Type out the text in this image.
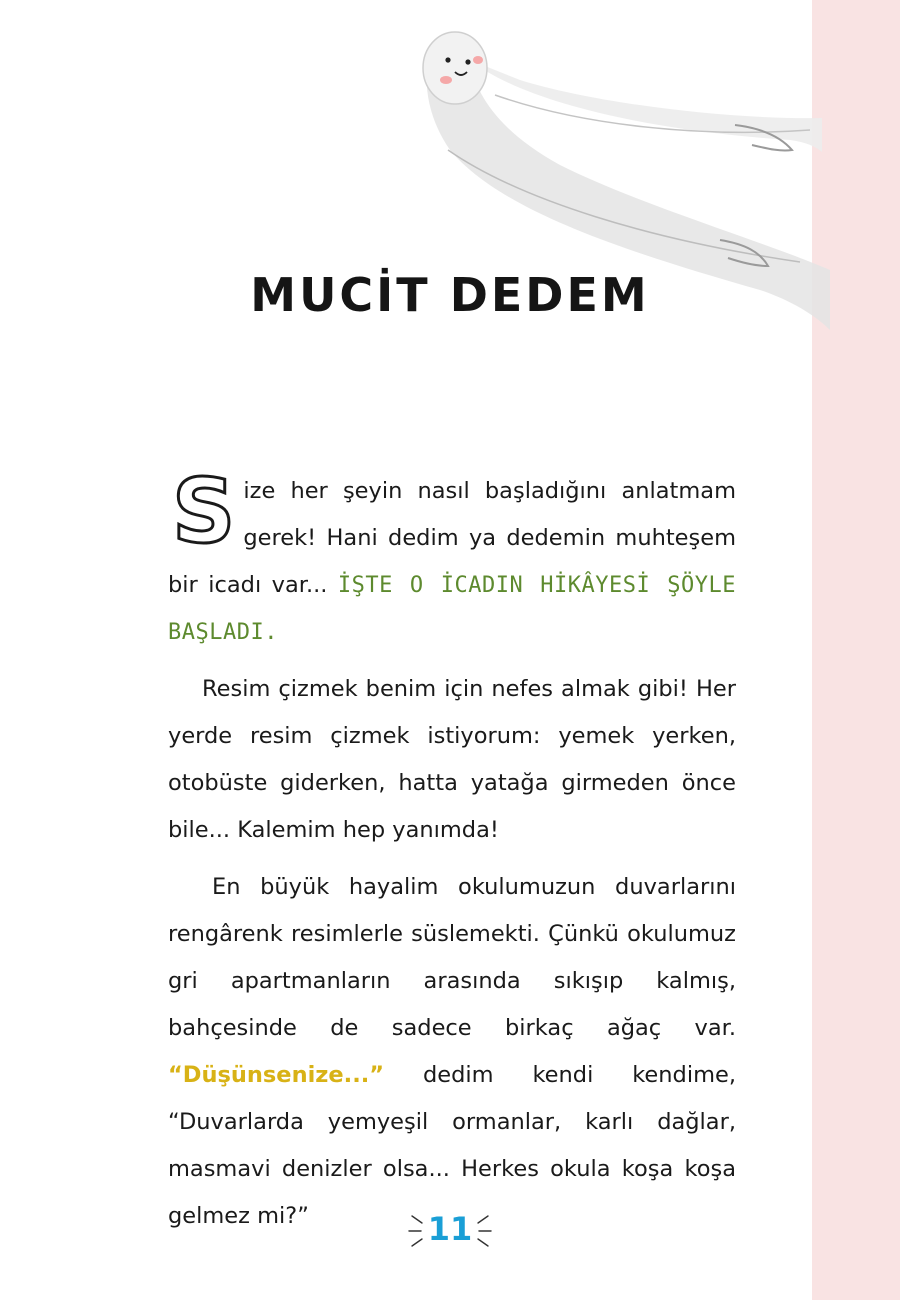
MUCİT DEDEM

Size her şeyin nasıl başladığını anlatmam gerek! Hani dedim ya dedemin muhteşem bir icadı var... İŞTE O İCADIN HİKÂYESİ ŞÖYLE BAŞLADI.

Resim çizmek benim için nefes almak gibi! Her yerde resim çizmek istiyorum: yemek yerken, otobüste giderken, hatta yatağa girmeden önce bile... Kalemim hep yanımda!

En büyük hayalim okulumuzun duvarlarını rengârenk resimlerle süslemekti. Çünkü okulumuz gri apartmanların arasında sıkışıp kalmış, bahçesinde de sadece birkaç ağaç var. “Düşünsenize...” dedim kendi kendime, “Duvarlarda yemyeşil ormanlar, karlı dağlar, masmavi denizler olsa... Herkes okula koşa koşa gelmez mi?”	11
